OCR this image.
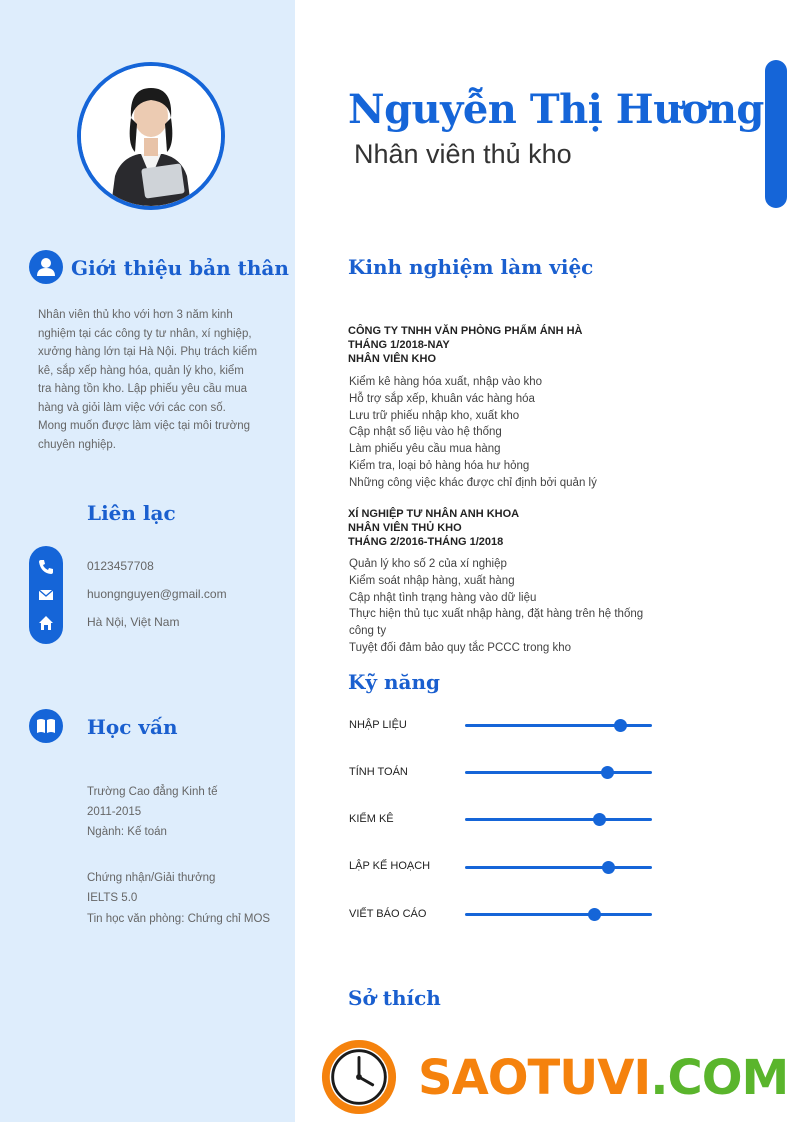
Giới thiệu bản thân
Nhân viên thủ kho với hơn 3 năm kinh
nghiệm tại các công ty tư nhân, xí nghiệp,
xưởng hàng lớn tại Hà Nội. Phụ trách kiểm
kê, sắp xếp hàng hóa, quản lý kho, kiểm
tra hàng tồn kho. Lập phiếu yêu cầu mua
hàng và giỏi làm việc với các con số.
Mong muốn được làm việc tại môi trường
chuyên nghiệp.
Liên lạc
0123457708
huongnguyen@gmail.com
Hà Nội, Việt Nam
Học vấn
Trường Cao đẳng Kinh tế
2011-2015
Ngành: Kế toán
Chứng nhận/Giải thưởng
IELTS 5.0
Tin học văn phòng: Chứng chỉ MOS
Nguyễn Thị Hương
Nhân viên thủ kho
Kinh nghiệm làm việc
CÔNG TY TNHH VĂN PHÒNG PHẨM ÁNH HÀ
THÁNG 1/2018-NAY
NHÂN VIÊN KHO
Kiểm kê hàng hóa xuất, nhập vào kho
Hỗ trợ sắp xếp, khuân vác hàng hóa
Lưu trữ phiếu nhập kho, xuất kho
Cập nhật số liệu vào hệ thống
Làm phiếu yêu cầu mua hàng
Kiểm tra, loại bỏ hàng hóa hư hỏng
Những công việc khác được chỉ định bởi quản lý
XÍ NGHIỆP TƯ NHÂN ANH KHOA
NHÂN VIÊN THỦ KHO
THÁNG 2/2016-THÁNG 1/2018
Quản lý kho số 2 của xí nghiệp
Kiểm soát nhập hàng, xuất hàng
Cập nhật tình trạng hàng vào dữ liệu
Thực hiện thủ tục xuất nhập hàng, đặt hàng trên hệ thống
công ty
Tuyệt đối đảm bảo quy tắc PCCC trong kho
Kỹ năng
NHẬP LIỆU
TÍNH TOÁN
KIỂM KÊ
LẬP KẾ HOẠCH
VIẾT BÁO CÁO
Sở thích
SAOTUVI.COM
